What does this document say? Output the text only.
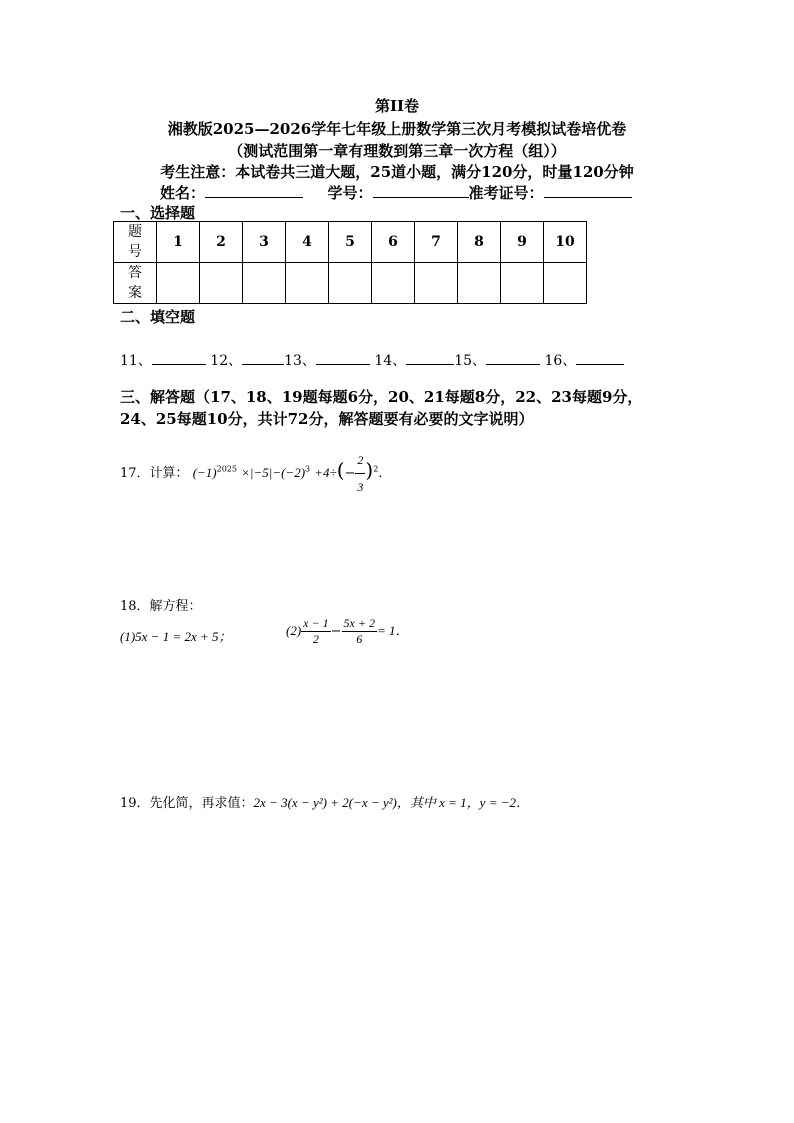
第II卷
湘教版2025—2026学年七年级上册数学第三次月考模拟试卷培优卷
（测试范围第一章有理数到第三章一次方程（组））
考生注意：本试卷共三道大题，25道小题，满分120分，时量120分钟
姓名：	学号：	准考证号：
一、选择题
题
号	1	2	3	4	5	6	7	8	9	10
答
案										
二、填空题
11、	12、	13、	14、	15、	16、
三、解答题（17、18、19题每题6分，20、21每题8分，22、23每题9分，
24、25每题10分，共计72分，解答题要有必要的文字说明）
17．计算： $(-1)^{2025} \times|-5|-(-2)^3 +4\div(- \frac{2}{3} )^2$．
18．解方程：
(1)5x − 1 = 2x + 5；	$(2) \frac{x - 1}{2} - \frac{5x + 2}{6} = 1$．
19．先化简，再求值：2x − 3(x − y²) + 2(−x − y²)，其中 x = 1，y = −2．
